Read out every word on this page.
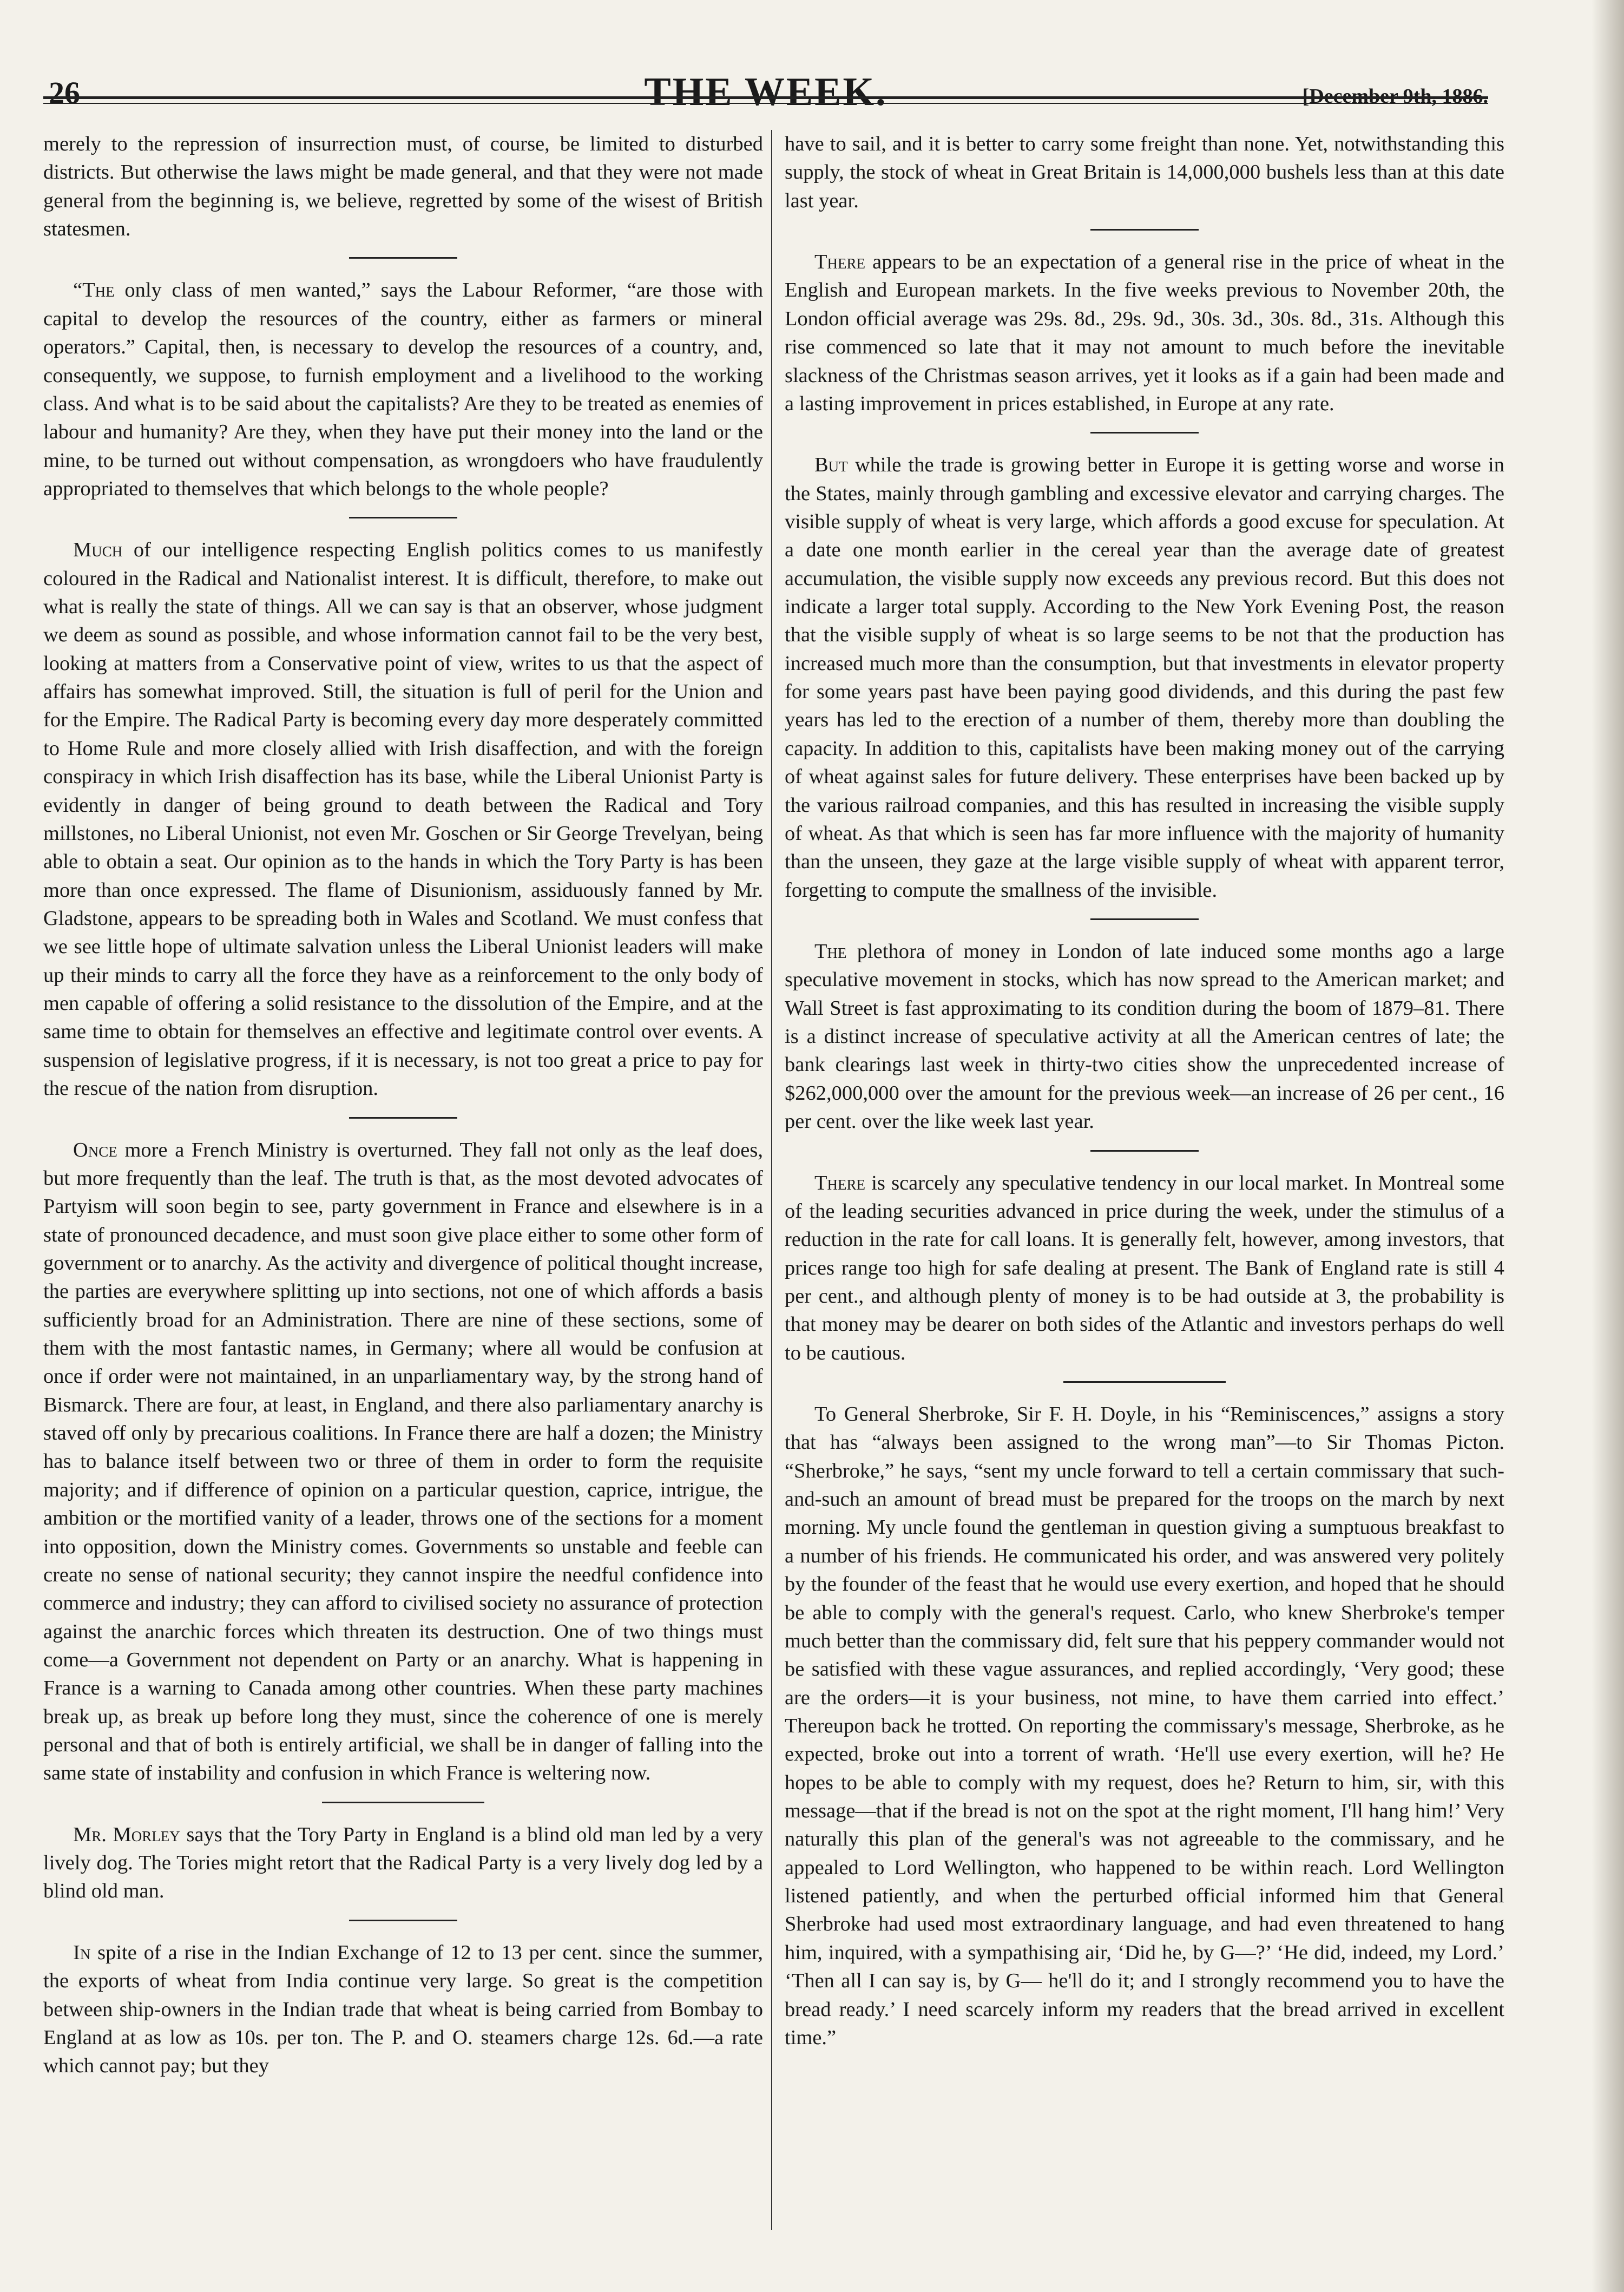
26	THE WEEK.	[December 9th, 1886.

merely to the repression of insurrection must, of course, be limited to disturbed districts. But otherwise the laws might be made general, and that they were not made general from the beginning is, we believe, regretted by some of the wisest of British statesmen.

“The only class of men wanted,” says the Labour Reformer, “are those with capital to develop the resources of the country, either as farmers or mineral operators.” Capital, then, is necessary to develop the resources of a country, and, consequently, we suppose, to furnish employment and a livelihood to the working class. And what is to be said about the capitalists? Are they to be treated as enemies of labour and humanity? Are they, when they have put their money into the land or the mine, to be turned out without compensation, as wrongdoers who have fraudulently appropriated to themselves that which belongs to the whole people?

Much of our intelligence respecting English politics comes to us manifestly coloured in the Radical and Nationalist interest. It is difficult, therefore, to make out what is really the state of things. All we can say is that an observer, whose judgment we deem as sound as possible, and whose information cannot fail to be the very best, looking at matters from a Conservative point of view, writes to us that the aspect of affairs has somewhat improved. Still, the situation is full of peril for the Union and for the Empire. The Radical Party is becoming every day more desperately committed to Home Rule and more closely allied with Irish disaffection, and with the foreign conspiracy in which Irish disaffection has its base, while the Liberal Unionist Party is evidently in danger of being ground to death between the Radical and Tory millstones, no Liberal Unionist, not even Mr. Goschen or Sir George Trevelyan, being able to obtain a seat. Our opinion as to the hands in which the Tory Party is has been more than once expressed. The flame of Disunionism, assiduously fanned by Mr. Gladstone, appears to be spreading both in Wales and Scotland. We must confess that we see little hope of ultimate salvation unless the Liberal Unionist leaders will make up their minds to carry all the force they have as a reinforcement to the only body of men capable of offering a solid resistance to the dissolution of the Empire, and at the same time to obtain for themselves an effective and legitimate control over events. A suspension of legislative progress, if it is necessary, is not too great a price to pay for the rescue of the nation from disruption.

Once more a French Ministry is overturned. They fall not only as the leaf does, but more frequently than the leaf. The truth is that, as the most devoted advocates of Partyism will soon begin to see, party government in France and elsewhere is in a state of pronounced decadence, and must soon give place either to some other form of government or to anarchy. As the activity and divergence of political thought increase, the parties are everywhere splitting up into sections, not one of which affords a basis sufficiently broad for an Administration. There are nine of these sections, some of them with the most fantastic names, in Germany; where all would be confusion at once if order were not maintained, in an unparliamentary way, by the strong hand of Bismarck. There are four, at least, in England, and there also parliamentary anarchy is staved off only by precarious coalitions. In France there are half a dozen; the Ministry has to balance itself between two or three of them in order to form the requisite majority; and if difference of opinion on a particular question, caprice, intrigue, the ambition or the mortified vanity of a leader, throws one of the sections for a moment into opposition, down the Ministry comes. Governments so unstable and feeble can create no sense of national security; they cannot inspire the needful confidence into commerce and industry; they can afford to civilised society no assurance of protection against the anarchic forces which threaten its destruction. One of two things must come—a Government not dependent on Party or an anarchy. What is happening in France is a warning to Canada among other countries. When these party machines break up, as break up before long they must, since the coherence of one is merely personal and that of both is entirely artificial, we shall be in danger of falling into the same state of instability and confusion in which France is weltering now.

Mr. Morley says that the Tory Party in England is a blind old man led by a very lively dog. The Tories might retort that the Radical Party is a very lively dog led by a blind old man.

In spite of a rise in the Indian Exchange of 12 to 13 per cent. since the summer, the exports of wheat from India continue very large. So great is the competition between ship-owners in the Indian trade that wheat is being carried from Bombay to England at as low as 10s. per ton. The P. and O. steamers charge 12s. 6d.—a rate which cannot pay; but they

have to sail, and it is better to carry some freight than none. Yet, notwithstanding this supply, the stock of wheat in Great Britain is 14,000,000 bushels less than at this date last year.

There appears to be an expectation of a general rise in the price of wheat in the English and European markets. In the five weeks previous to November 20th, the London official average was 29s. 8d., 29s. 9d., 30s. 3d., 30s. 8d., 31s. Although this rise commenced so late that it may not amount to much before the inevitable slackness of the Christmas season arrives, yet it looks as if a gain had been made and a lasting improvement in prices established, in Europe at any rate.

But while the trade is growing better in Europe it is getting worse and worse in the States, mainly through gambling and excessive elevator and carrying charges. The visible supply of wheat is very large, which affords a good excuse for speculation. At a date one month earlier in the cereal year than the average date of greatest accumulation, the visible supply now exceeds any previous record. But this does not indicate a larger total supply. According to the New York Evening Post, the reason that the visible supply of wheat is so large seems to be not that the production has increased much more than the consumption, but that investments in elevator property for some years past have been paying good dividends, and this during the past few years has led to the erection of a number of them, thereby more than doubling the capacity. In addition to this, capitalists have been making money out of the carrying of wheat against sales for future delivery. These enterprises have been backed up by the various railroad companies, and this has resulted in increasing the visible supply of wheat. As that which is seen has far more influence with the majority of humanity than the unseen, they gaze at the large visible supply of wheat with apparent terror, forgetting to compute the smallness of the invisible.

The plethora of money in London of late induced some months ago a large speculative movement in stocks, which has now spread to the American market; and Wall Street is fast approximating to its condition during the boom of 1879–81. There is a distinct increase of speculative activity at all the American centres of late; the bank clearings last week in thirty-two cities show the unprecedented increase of $262,000,000 over the amount for the previous week—an increase of 26 per cent., 16 per cent. over the like week last year.

There is scarcely any speculative tendency in our local market. In Montreal some of the leading securities advanced in price during the week, under the stimulus of a reduction in the rate for call loans. It is generally felt, however, among investors, that prices range too high for safe dealing at present. The Bank of England rate is still 4 per cent., and although plenty of money is to be had outside at 3, the probability is that money may be dearer on both sides of the Atlantic and investors perhaps do well to be cautious.

To General Sherbroke, Sir F. H. Doyle, in his “Reminiscences,” assigns a story that has “always been assigned to the wrong man”—to Sir Thomas Picton. “Sherbroke,” he says, “sent my uncle forward to tell a certain commissary that such-and-such an amount of bread must be prepared for the troops on the march by next morning. My uncle found the gentleman in question giving a sumptuous breakfast to a number of his friends. He communicated his order, and was answered very politely by the founder of the feast that he would use every exertion, and hoped that he should be able to comply with the general's request. Carlo, who knew Sherbroke's temper much better than the commissary did, felt sure that his peppery commander would not be satisfied with these vague assurances, and replied accordingly, ‘Very good; these are the orders—it is your business, not mine, to have them carried into effect.’ Thereupon back he trotted. On reporting the commissary's message, Sherbroke, as he expected, broke out into a torrent of wrath. ‘He'll use every exertion, will he? He hopes to be able to comply with my request, does he? Return to him, sir, with this message—that if the bread is not on the spot at the right moment, I'll hang him!’ Very naturally this plan of the general's was not agreeable to the commissary, and he appealed to Lord Wellington, who happened to be within reach. Lord Wellington listened patiently, and when the perturbed official informed him that General Sherbroke had used most extraordinary language, and had even threatened to hang him, inquired, with a sympathising air, ‘Did he, by G—?’ ‘He did, indeed, my Lord.’ ‘Then all I can say is, by G— he'll do it; and I strongly recommend you to have the bread ready.’ I need scarcely inform my readers that the bread arrived in excellent time.”
